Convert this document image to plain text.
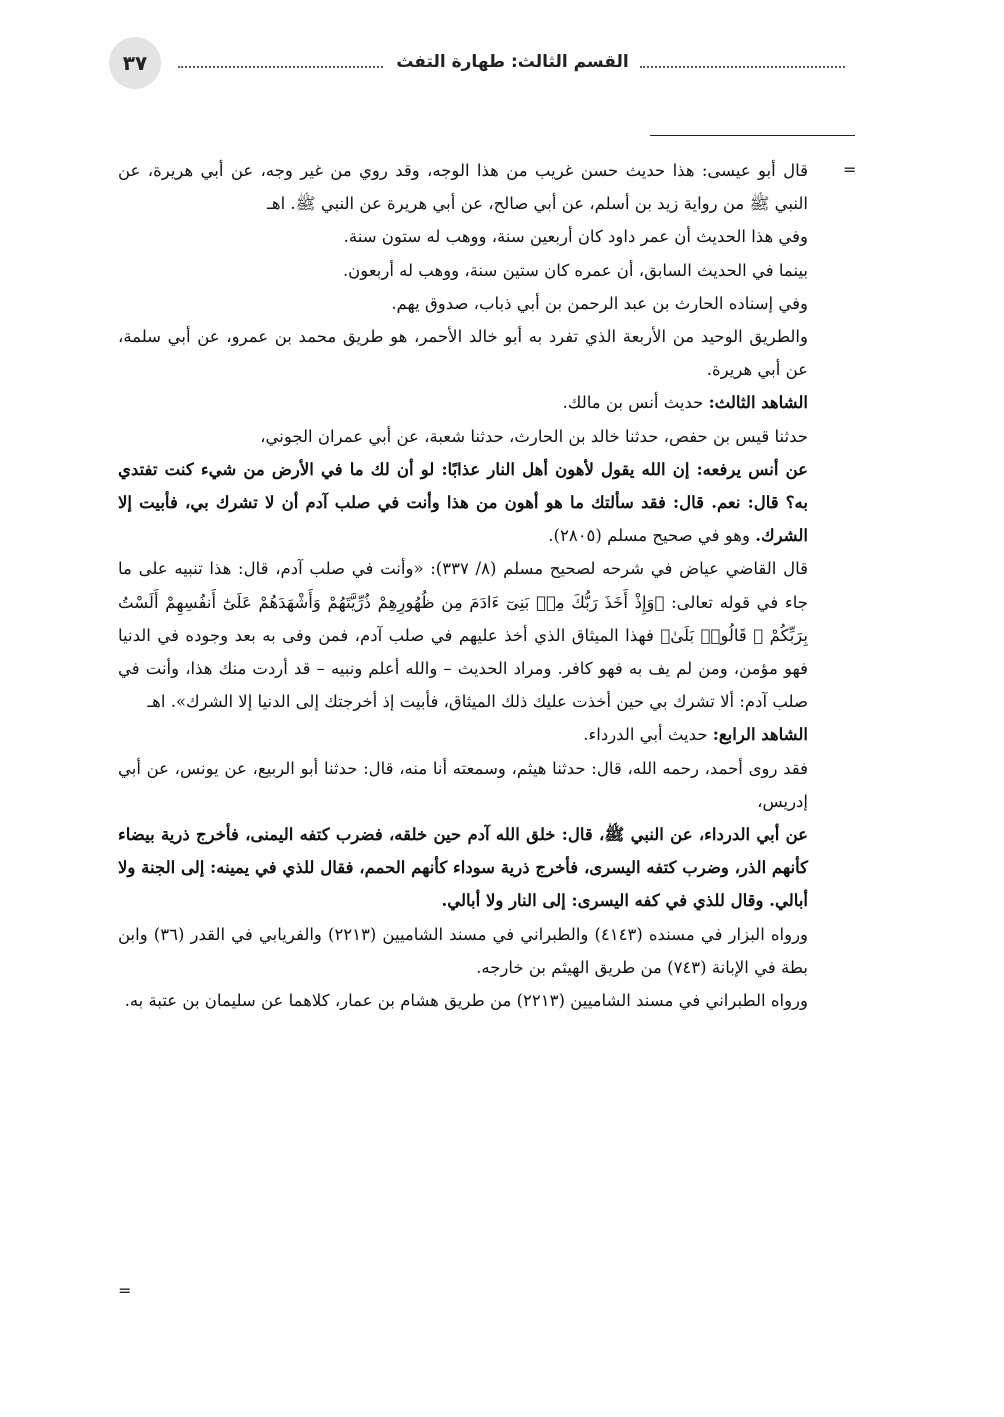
٣٧	القسم الثالث: طهارة التفث
=

قال أبو عيسى: هذا حديث حسن غريب من هذا الوجه، وقد روي من غير وجه، عن أبي هريرة، عن النبي ﷺ من رواية زيد بن أسلم، عن أبي صالح، عن أبي هريرة عن النبي ﷺ. اهـ

وفي هذا الحديث أن عمر داود كان أربعين سنة، ووهب له ستون سنة.

بينما في الحديث السابق، أن عمره كان ستين سنة، ووهب له أربعون.

وفي إسناده الحارث بن عبد الرحمن بن أبي ذباب، صدوق يهم.

والطريق الوحيد من الأربعة الذي تفرد به أبو خالد الأحمر، هو طريق محمد بن عمرو، عن أبي سلمة، عن أبي هريرة.

الشاهد الثالث: حديث أنس بن مالك.

حدثنا قيس بن حفص، حدثنا خالد بن الحارث، حدثنا شعبة، عن أبي عمران الجوني،

عن أنس يرفعه: إن الله يقول لأهون أهل النار عذابًا: لو أن لك ما في الأرض من شيء كنت تفتدي به؟ قال: نعم. قال: فقد سألتك ما هو أهون من هذا وأنت في صلب آدم أن لا تشرك بي، فأبيت إلا الشرك. وهو في صحيح مسلم (٢٨٠٥).

قال القاضي عياض في شرحه لصحيح مسلم (٨/ ٣٣٧): «وأنت في صلب آدم، قال: هذا تنبيه على ما جاء في قوله تعالى: ﴿وَإِذْ أَخَذَ رَبُّكَ مِنۢ بَنِىٓ ءَادَمَ مِن ظُهُورِهِمْ ذُرِّيَّتَهُمْ وَأَشْهَدَهُمْ عَلَىٰٓ أَنفُسِهِمْ أَلَسْتُ بِرَبِّكُمْ ۖ قَالُوا۟ بَلَىٰ﴾ فهذا الميثاق الذي أخذ عليهم في صلب آدم، فمن وفى به بعد وجوده في الدنيا فهو مؤمن، ومن لم يف به فهو كافر. ومراد الحديث – والله أعلم ونبيه – قد أردت منك هذا، وأنت في صلب آدم: ألا تشرك بي حين أخذت عليك ذلك الميثاق، فأبيت إذ أخرجتك إلى الدنيا إلا الشرك». اهـ

الشاهد الرابع: حديث أبي الدرداء.

فقد روى أحمد، رحمه الله، قال: حدثنا هيثم، وسمعته أنا منه، قال: حدثنا أبو الربيع، عن يونس، عن أبي إدريس،

عن أبي الدرداء، عن النبي ﷺ، قال: خلق الله آدم حين خلقه، فضرب كتفه اليمنى، فأخرج ذرية بيضاء كأنهم الذر، وضرب كتفه اليسرى، فأخرج ذرية سوداء كأنهم الحمم، فقال للذي في يمينه: إلى الجنة ولا أبالي. وقال للذي في كفه اليسرى: إلى النار ولا أبالي.

ورواه البزار في مسنده (٤١٤٣) والطبراني في مسند الشاميين (٢٢١٣) والفريابي في القدر (٣٦) وابن بطة في الإبانة (٧٤٣) من طريق الهيثم بن خارجه.

ورواه الطبراني في مسند الشاميين (٢٢١٣) من طريق هشام بن عمار، كلاهما عن سليمان بن عتبة به.

=
